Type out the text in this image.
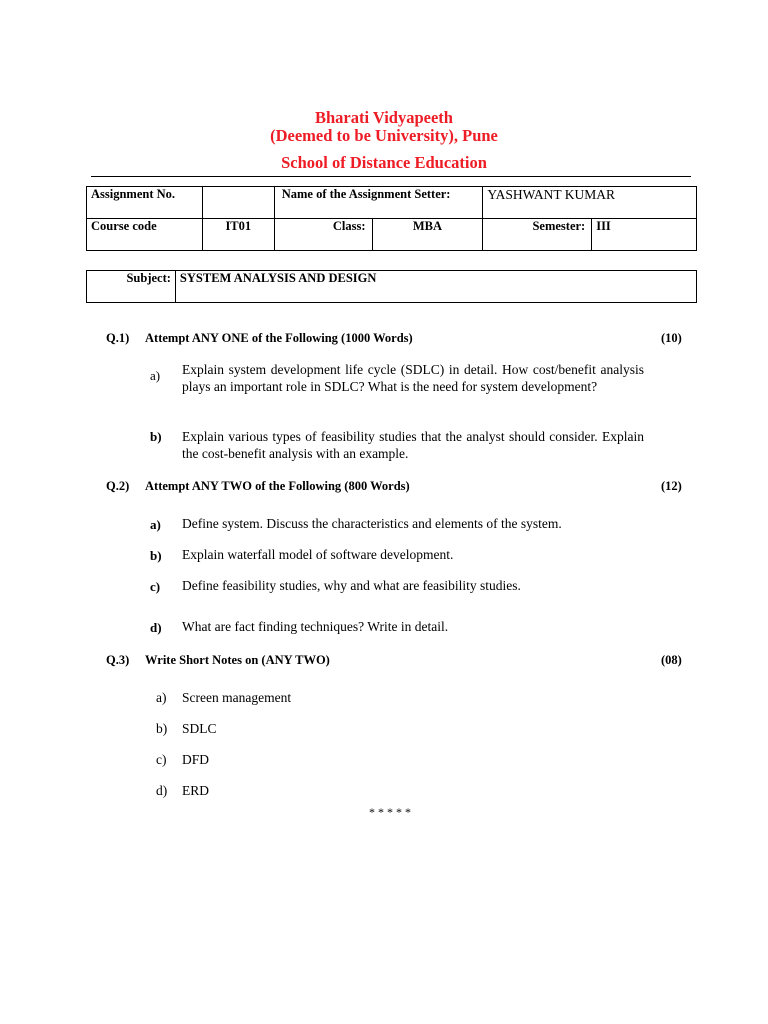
Bharati Vidyapeeth
(Deemed to be University), Pune
School of Distance Education
Assignment No.		Name of the Assignment Setter:		YASHWANT KUMAR	
Course code	IT01	Class:	MBA	Semester:	III
Subject:	SYSTEM ANALYSIS AND DESIGN
Q.1) Attempt ANY ONE of the Following (1000 Words)	(10)
a) Explain system development life cycle (SDLC) in detail. How cost/benefit analysis plays an important role in SDLC? What is the need for system development?
b) Explain various types of feasibility studies that the analyst should consider. Explain the cost-benefit analysis with an example.
Q.2) Attempt ANY TWO of the Following (800 Words)	(12)
a) Define system. Discuss the characteristics and elements of the system.
b) Explain waterfall model of software development.
c) Define feasibility studies, why and what are feasibility studies.
d) What are fact finding techniques? Write in detail.
Q.3) Write Short Notes on (ANY TWO)	(08)
a) Screen management
b) SDLC
c) DFD
d) ERD
* * * * *
